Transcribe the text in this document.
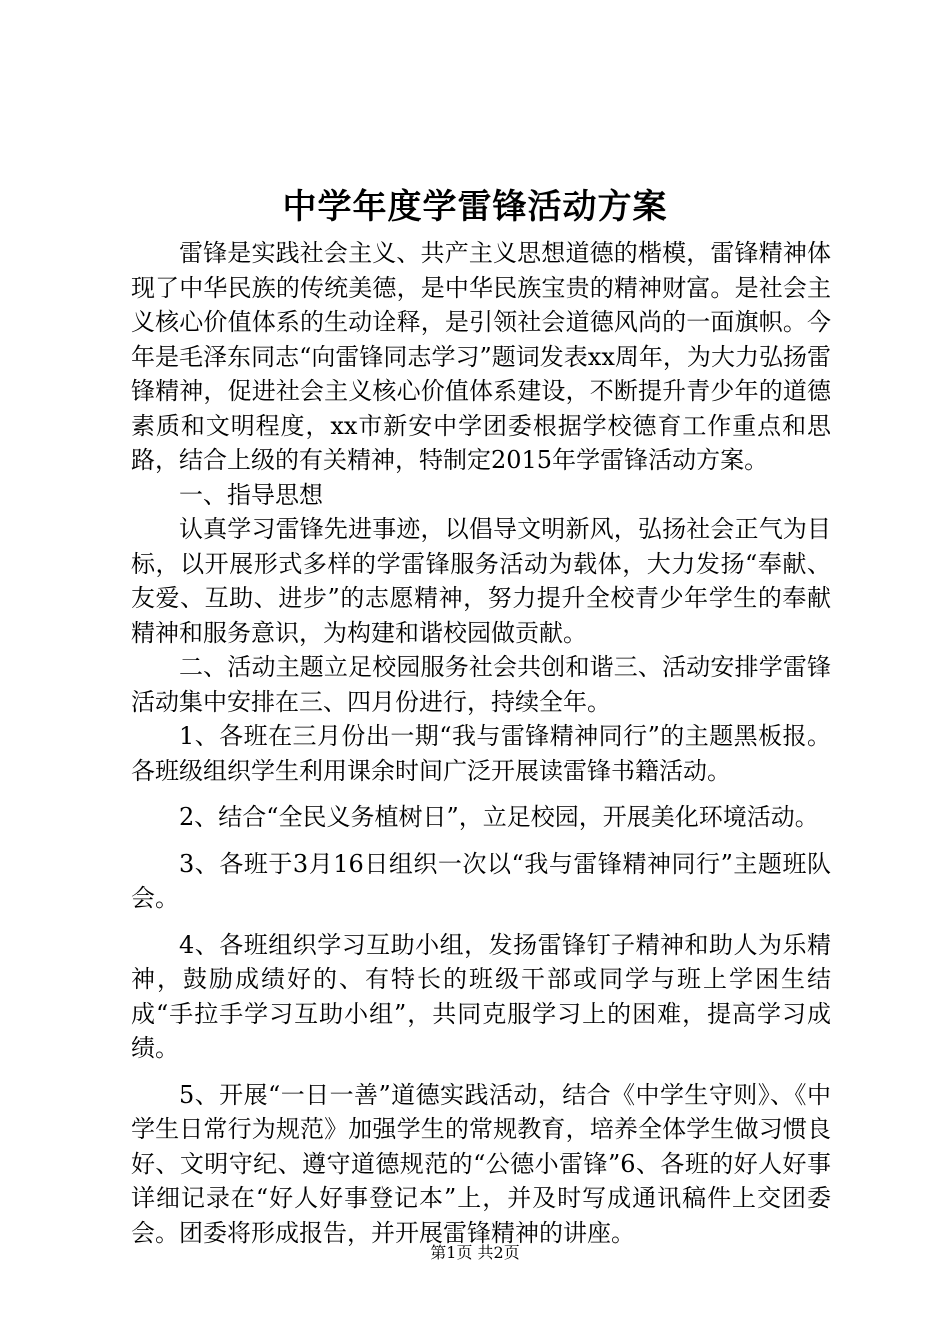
中学年度学雷锋活动方案

雷锋是实践社会主义、共产主义思想道德的楷模，雷锋精神体现了中华民族的传统美德，是中华民族宝贵的精神财富。是社会主义核心价值体系的生动诠释，是引领社会道德风尚的一面旗帜。今年是毛泽东同志“向雷锋同志学习”题词发表xx周年，为大力弘扬雷锋精神，促进社会主义核心价值体系建设，不断提升青少年的道德素质和文明程度，xx市新安中学团委根据学校德育工作重点和思路，结合上级的有关精神，特制定2015年学雷锋活动方案。

一、指导思想

认真学习雷锋先进事迹，以倡导文明新风，弘扬社会正气为目标，以开展形式多样的学雷锋服务活动为载体，大力发扬“奉献、友爱、互助、进步”的志愿精神，努力提升全校青少年学生的奉献精神和服务意识，为构建和谐校园做贡献。

二、活动主题立足校园服务社会共创和谐三、活动安排学雷锋活动集中安排在三、四月份进行，持续全年。

1、各班在三月份出一期“我与雷锋精神同行”的主题黑板报。各班级组织学生利用课余时间广泛开展读雷锋书籍活动。

2、结合“全民义务植树日”，立足校园，开展美化环境活动。

3、各班于3月16日组织一次以“我与雷锋精神同行”主题班队会。

4、各班组织学习互助小组，发扬雷锋钉子精神和助人为乐精神，鼓励成绩好的、有特长的班级干部或同学与班上学困生结成“手拉手学习互助小组”，共同克服学习上的困难，提高学习成绩。

5、开展“一日一善”道德实践活动，结合《中学生守则》、《中学生日常行为规范》加强学生的常规教育，培养全体学生做习惯良好、文明守纪、遵守道德规范的“公德小雷锋”6、各班的好人好事详细记录在“好人好事登记本”上，并及时写成通讯稿件上交团委会。团委将形成报告，并开展雷锋精神的讲座。

第1页 共2页
